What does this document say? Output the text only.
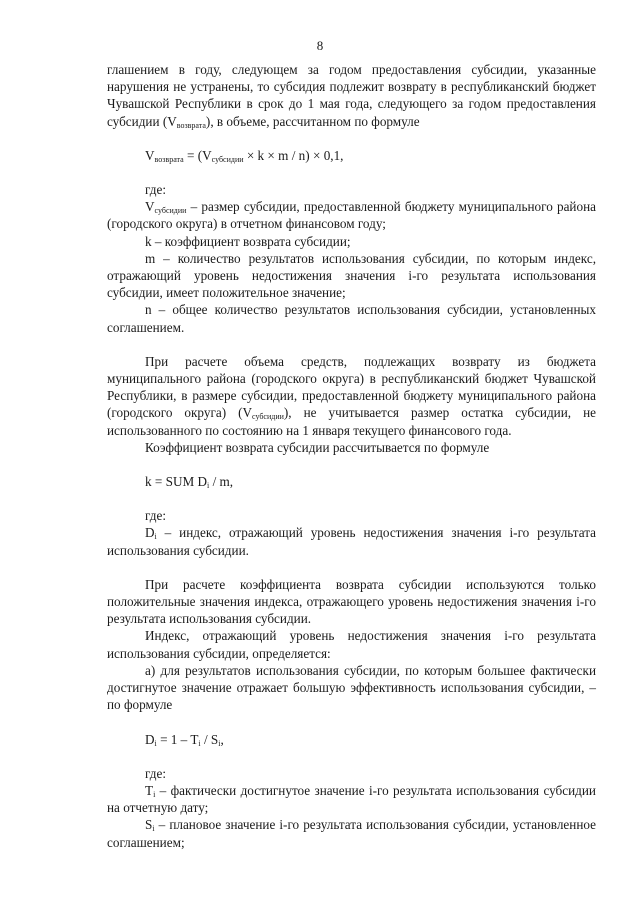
8

глашением в году, следующем за годом предоставления субсидии, указанные нарушения не устранены, то субсидия подлежит возврату в республиканский бюджет Чувашской Республики в срок до 1 мая года, следующего за годом предоставления субсидии $(V_{возврата})$, в объеме, рассчитанном по формуле

$V_{возврата} = (V_{субсидии} \times k \times m / n) \times 0,1$,

где:

$V_{субсидии}$ – размер субсидии, предоставленной бюджету муниципального района (городского округа) в отчетном финансовом году;

k – коэффициент возврата субсидии;

m – количество результатов использования субсидии, по которым индекс, отражающий уровень недостижения значения i-го результата использования субсидии, имеет положительное значение;

n – общее количество результатов использования субсидии, установленных соглашением.

При расчете объема средств, подлежащих возврату из бюджета муниципального района (городского округа) в республиканский бюджет Чувашской Республики, в размере субсидии, предоставленной бюджету муниципального района (городского округа) $(V_{субсидии})$, не учитывается размер остатка субсидии, не использованного по состоянию на 1 января текущего финансового года.

Коэффициент возврата субсидии рассчитывается по формуле

k = SUM $D_i$ / m,

где:

$D_i$ – индекс, отражающий уровень недостижения значения i-го результата использования субсидии.

При расчете коэффициента возврата субсидии используются только положительные значения индекса, отражающего уровень недостижения значения i-го результата использования субсидии.

Индекс, отражающий уровень недостижения значения i-го результата использования субсидии, определяется:

а) для результатов использования субсидии, по которым большее фактически достигнутое значение отражает большую эффективность использования субсидии, – по формуле

$D_i = 1 - T_i / S_i$,

где:

$T_i$ – фактически достигнутое значение i-го результата использования субсидии на отчетную дату;

$S_i$ – плановое значение i-го результата использования субсидии, установленное соглашением;
